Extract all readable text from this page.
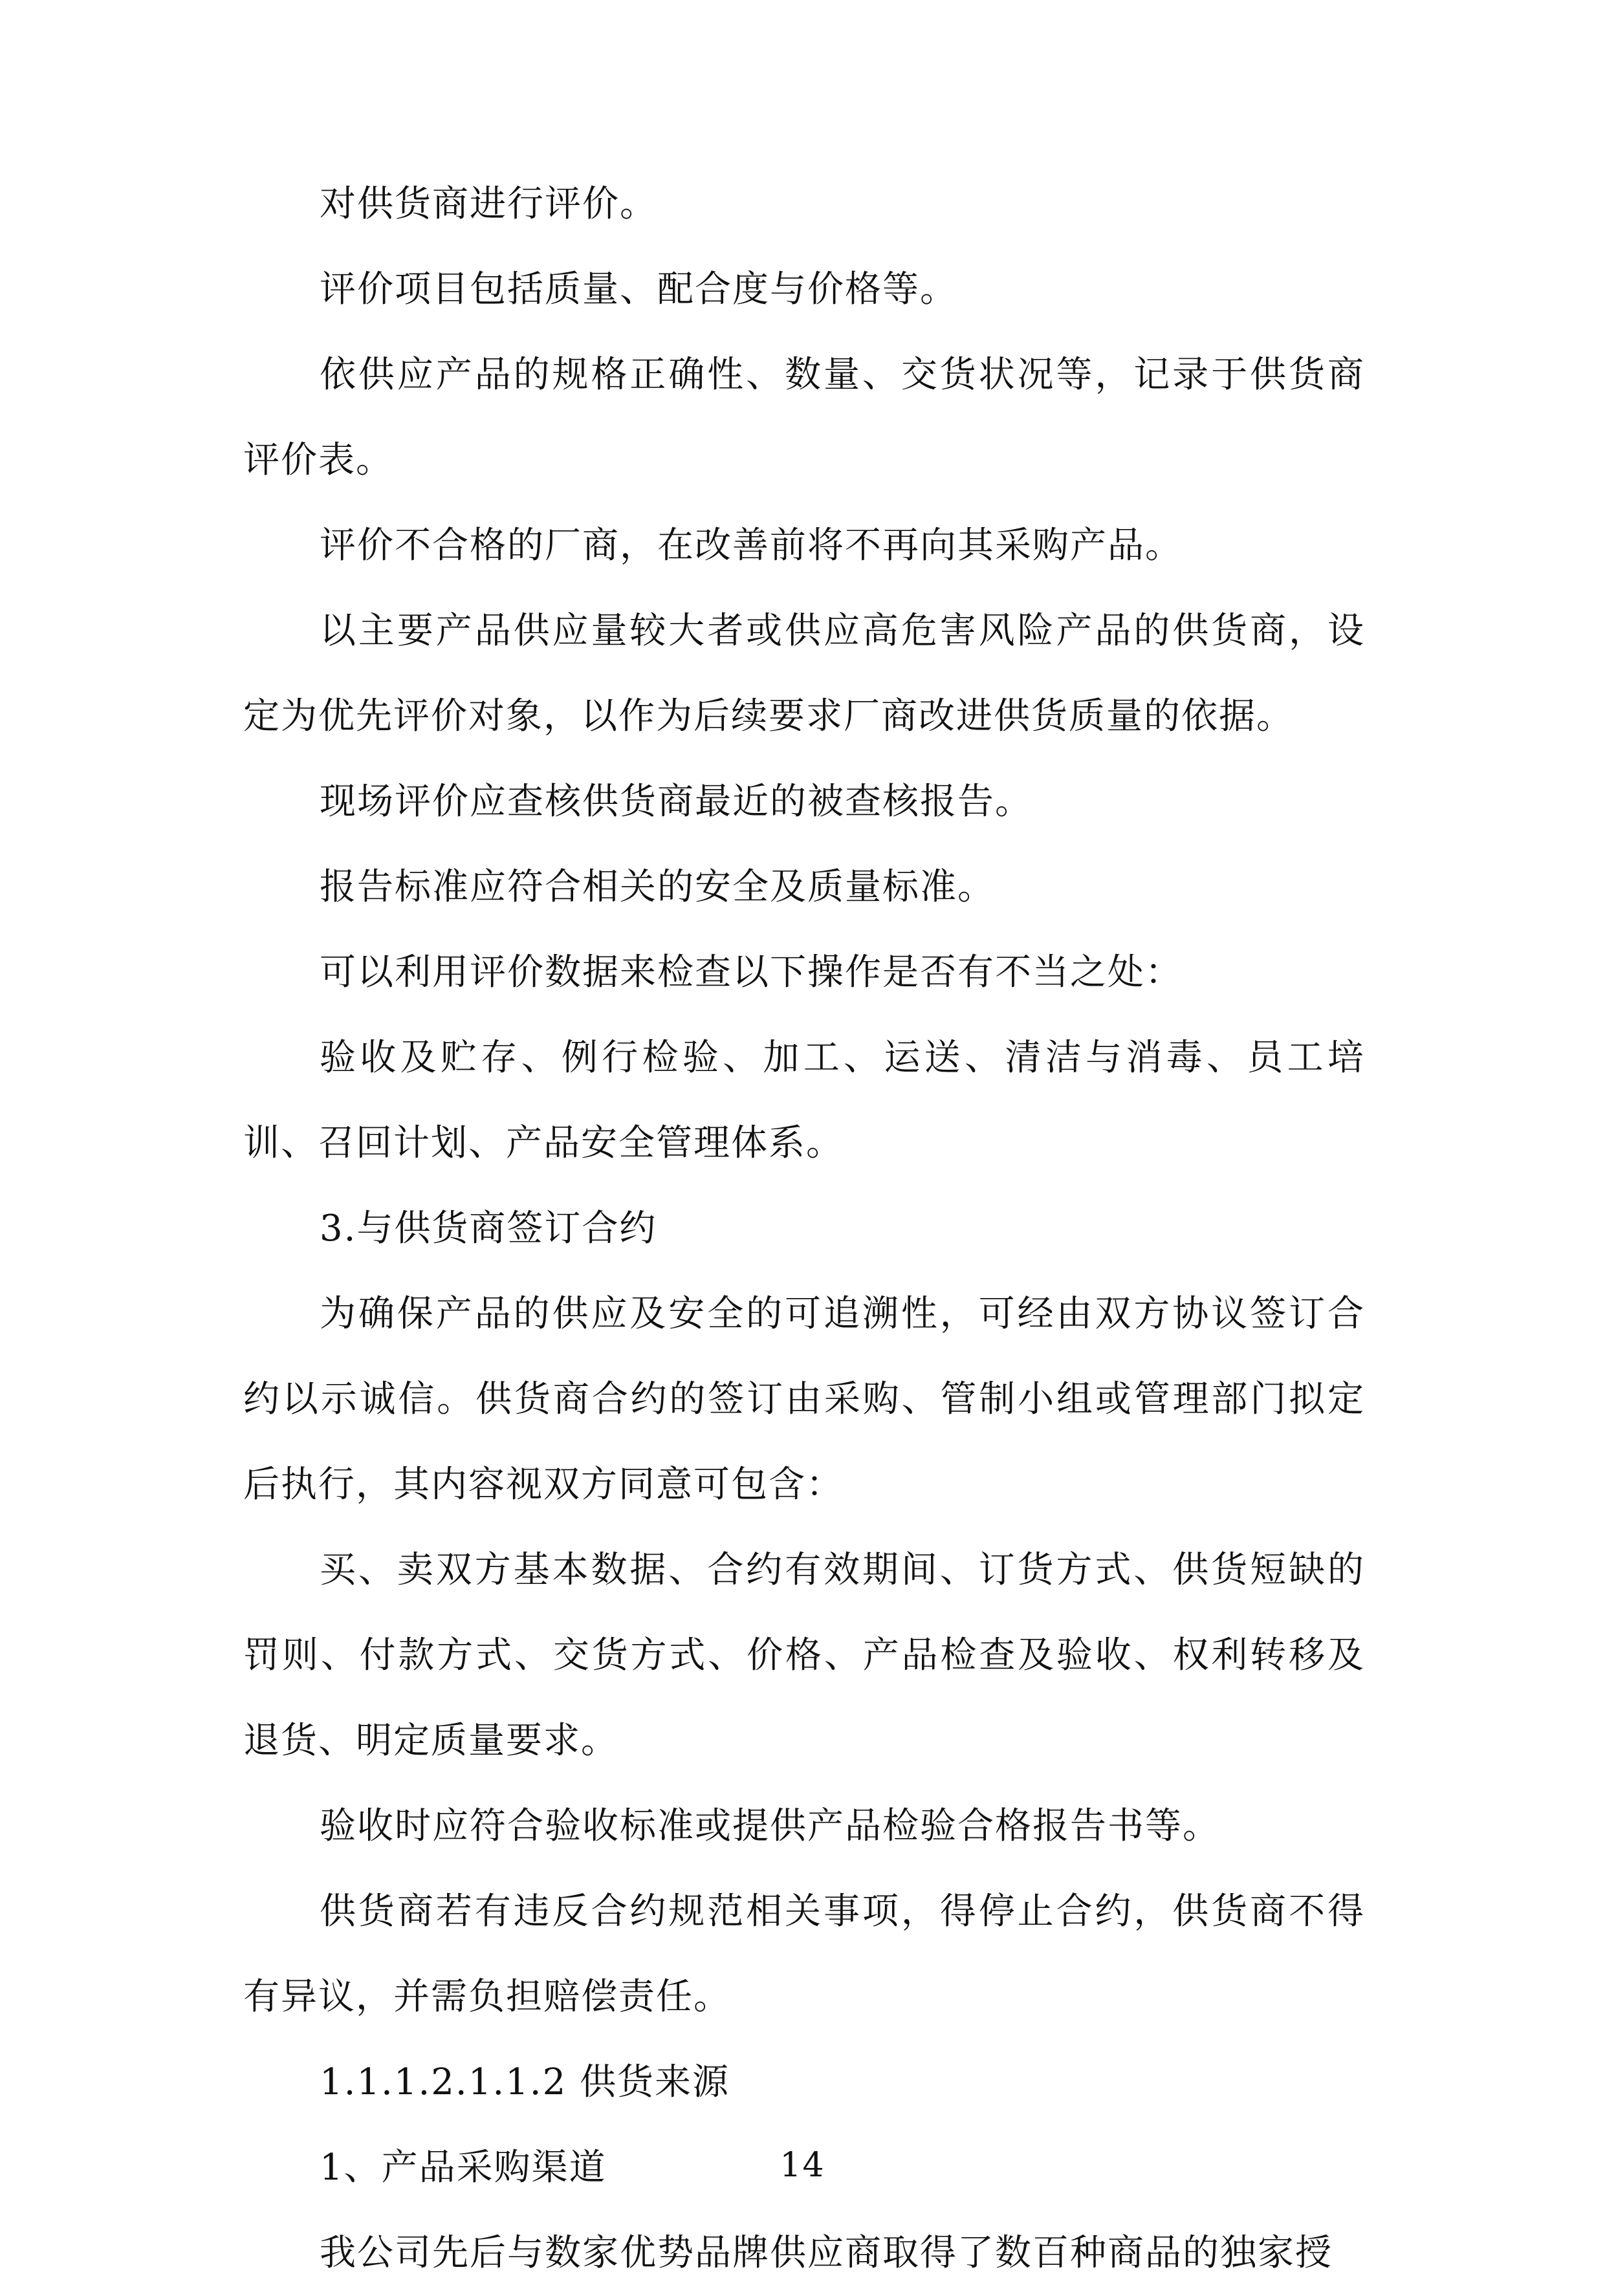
对供货商进行评价。

评价项目包括质量、配合度与价格等。

依供应产品的规格正确性、数量、交货状况等，记录于供货商评价表。

评价不合格的厂商，在改善前将不再向其采购产品。

以主要产品供应量较大者或供应高危害风险产品的供货商，设定为优先评价对象，以作为后续要求厂商改进供货质量的依据。

现场评价应查核供货商最近的被查核报告。

报告标准应符合相关的安全及质量标准。

可以利用评价数据来检查以下操作是否有不当之处：

验收及贮存、例行检验、加工、运送、清洁与消毒、员工培训、召回计划、产品安全管理体系。

3.与供货商签订合约

为确保产品的供应及安全的可追溯性，可经由双方协议签订合约以示诚信。供货商合约的签订由采购、管制小组或管理部门拟定后执行，其内容视双方同意可包含：

买、卖双方基本数据、合约有效期间、订货方式、供货短缺的罚则、付款方式、交货方式、价格、产品检查及验收、权利转移及退货、明定质量要求。

验收时应符合验收标准或提供产品检验合格报告书等。

供货商若有违反合约规范相关事项，得停止合约，供货商不得有异议，并需负担赔偿责任。

1.1.1.2.1.1.2 供货来源

1、产品采购渠道

我公司先后与数家优势品牌供应商取得了数百种商品的独家授

14
